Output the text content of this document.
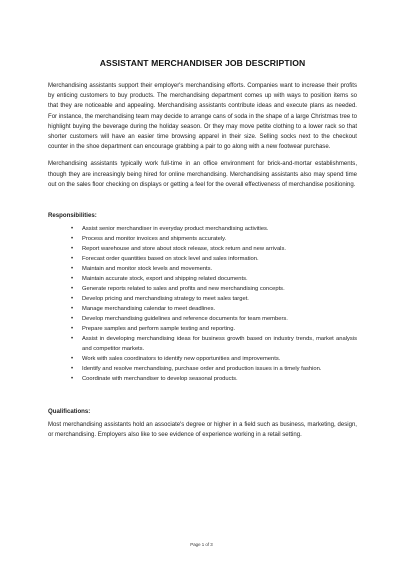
ASSISTANT MERCHANDISER JOB DESCRIPTION

Merchandising assistants support their employer's merchandising efforts. Companies want to increase their profits by enticing customers to buy products. The merchandising department comes up with ways to position items so that they are noticeable and appealing. Merchandising assistants contribute ideas and execute plans as needed. For instance, the merchandising team may decide to arrange cans of soda in the shape of a large Christmas tree to highlight buying the beverage during the holiday season. Or they may move petite clothing to a lower rack so that shorter customers will have an easier time browsing apparel in their size. Selling socks next to the checkout counter in the shoe department can encourage grabbing a pair to go along with a new footwear purchase.

Merchandising assistants typically work full-time in an office environment for brick-and-mortar establishments, though they are increasingly being hired for online merchandising. Merchandising assistants also may spend time out on the sales floor checking on displays or getting a feel for the overall effectiveness of merchandise positioning.

Responsibilities:
• Assist senior merchandiser in everyday product merchandising activities.
• Process and monitor invoices and shipments accurately.
• Report warehouse and store about stock release, stock return and new arrivals.
• Forecast order quantities based on stock level and sales information.
• Maintain and monitor stock levels and movements.
• Maintain accurate stock, export and shipping related documents.
• Generate reports related to sales and profits and new merchandising concepts.
• Develop pricing and merchandising strategy to meet sales target.
• Manage merchandising calendar to meet deadlines.
• Develop merchandising guidelines and reference documents for team members.
• Prepare samples and perform sample testing and reporting.
• Assist in developing merchandising ideas for business growth based on industry trends, market analysis and competitor markets.
• Work with sales coordinators to identify new opportunities and improvements.
• Identify and resolve merchandising, purchase order and production issues in a timely fashion.
• Coordinate with merchandiser to develop seasonal products.
Qualifications:

Most merchandising assistants hold an associate's degree or higher in a field such as business, marketing, design, or merchandising. Employers also like to see evidence of experience working in a retail setting.

Page 1 of 3
